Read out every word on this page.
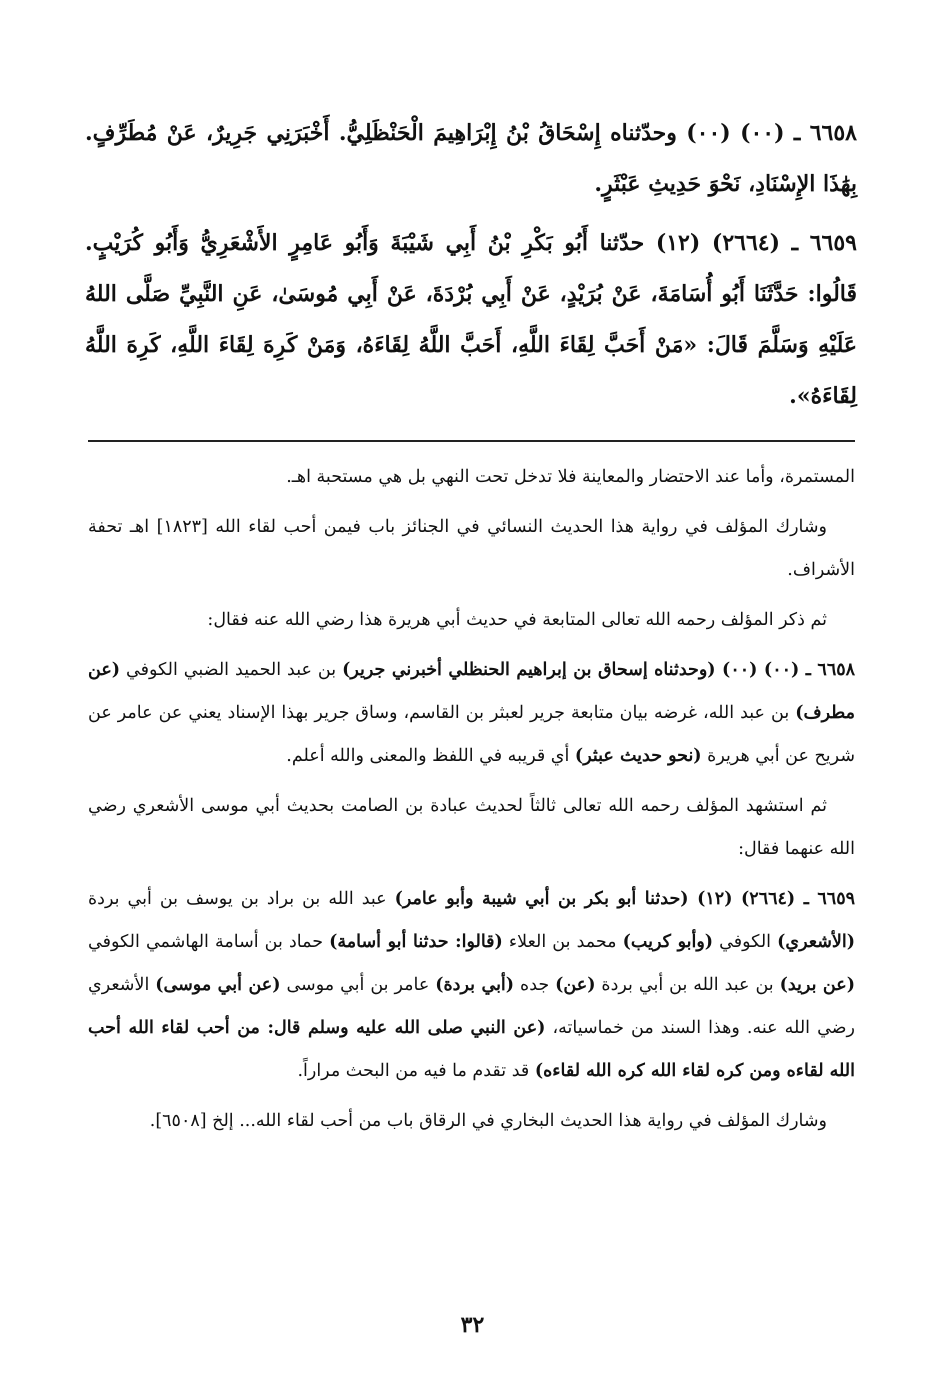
٦٦٥٨ ـ (٠٠) (٠٠) وحدّثناه إِسْحَاقُ بْنُ إِبْرَاهِيمَ الْحَنْظَلِيُّ. أَخْبَرَنِي جَرِيرٌ، عَنْ مُطَرِّفٍ. بِهَٰذَا الإِسْنَادِ، نَحْوَ حَدِيثِ عَبْثَرٍ.

٦٦٥٩ ـ (٢٦٦٤) (١٢) حدّثنا أَبُو بَكْرِ بْنُ أَبِي شَيْبَةَ وَأَبُو عَامِرٍ الأَشْعَرِيُّ وَأَبُو كُرَيْبٍ. قَالُوا: حَدَّثَنَا أَبُو أُسَامَةَ، عَنْ بُرَيْدٍ، عَنْ أَبِي بُرْدَةَ، عَنْ أَبِي مُوسَىٰ، عَنِ النَّبِيِّ صَلَّى اللهُ عَلَيْهِ وَسَلَّمَ قَالَ: «مَنْ أَحَبَّ لِقَاءَ اللَّهِ، أَحَبَّ اللَّهُ لِقَاءَهُ، وَمَنْ كَرِهَ لِقَاءَ اللَّهِ، كَرِهَ اللَّهُ لِقَاءَهُ».

المستمرة، وأما عند الاحتضار والمعاينة فلا تدخل تحت النهي بل هي مستحبة اهـ.

وشارك المؤلف في رواية هذا الحديث النسائي في الجنائز باب فيمن أحب لقاء الله [١٨٢٣] اهـ تحفة الأشراف.

ثم ذكر المؤلف رحمه الله تعالى المتابعة في حديث أبي هريرة هذا رضي الله عنه فقال:

٦٦٥٨ ـ (٠٠) (٠٠) (وحدثناه إسحاق بن إبراهيم الحنظلي أخبرني جرير) بن عبد الحميد الضبي الكوفي (عن مطرف) بن عبد الله، غرضه بيان متابعة جرير لعبثر بن القاسم، وساق جرير بهذا الإسناد يعني عن عامر عن شريح عن أبي هريرة (نحو حديث عبثر) أي قريبه في اللفظ والمعنى والله أعلم.

ثم استشهد المؤلف رحمه الله تعالى ثالثاً لحديث عبادة بن الصامت بحديث أبي موسى الأشعري رضي الله عنهما فقال:

٦٦٥٩ ـ (٢٦٦٤) (١٢) (حدثنا أبو بكر بن أبي شيبة وأبو عامر) عبد الله بن براد بن يوسف بن أبي بردة (الأشعري) الكوفي (وأبو كريب) محمد بن العلاء (قالوا: حدثنا أبو أسامة) حماد بن أسامة الهاشمي الكوفي (عن بريد) بن عبد الله بن أبي بردة (عن) جده (أبي بردة) عامر بن أبي موسى (عن أبي موسى) الأشعري رضي الله عنه. وهذا السند من خماسياته، (عن النبي صلى الله عليه وسلم قال: من أحب لقاء الله أحب الله لقاءه ومن كره لقاء الله كره الله لقاءه) قد تقدم ما فيه من البحث مراراً.

وشارك المؤلف في رواية هذا الحديث البخاري في الرقاق باب من أحب لقاء الله... إلخ [٦٥٠٨].

٣٢
